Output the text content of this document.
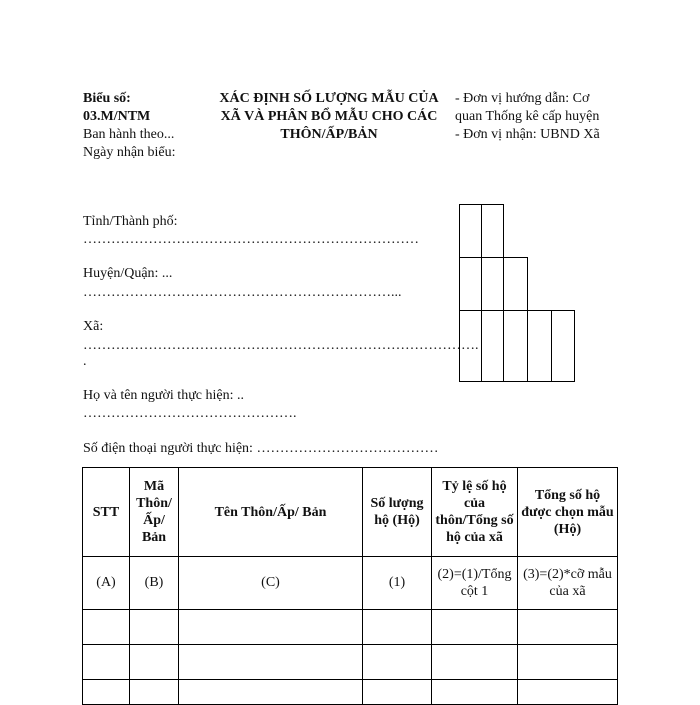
Biểu số:
03.M/NTM
Ban hành theo...
Ngày nhận biểu:
XÁC ĐỊNH SỐ LƯỢNG MẪU CỦA
XÃ VÀ PHÂN BỔ MẪU CHO CÁC
THÔN/ẤP/BẢN
- Đơn vị hướng dẫn: Cơ
quan Thống kê cấp huyện
- Đơn vị nhận: UBND Xã
Tỉnh/Thành phố:
………………………………………………………………
Huyện/Quận: ...
…………………………………………………………...
Xã:
………………………………………………………………………….
.
Họ và tên người thực hiện: ..
……………………………………….
Số điện thoại người thực hiện: …………………………………
STT	Mã Thôn/ Ấp/ Bản	Tên Thôn/Ấp/ Bản	Số lượng hộ (Hộ)	Tỷ lệ số hộ của thôn/Tổng số hộ của xã	Tổng số hộ được chọn mẫu (Hộ)
(A)	(B)	(C)	(1)	(2)=(1)/Tổng cột 1	(3)=(2)*cỡ mẫu của xã
